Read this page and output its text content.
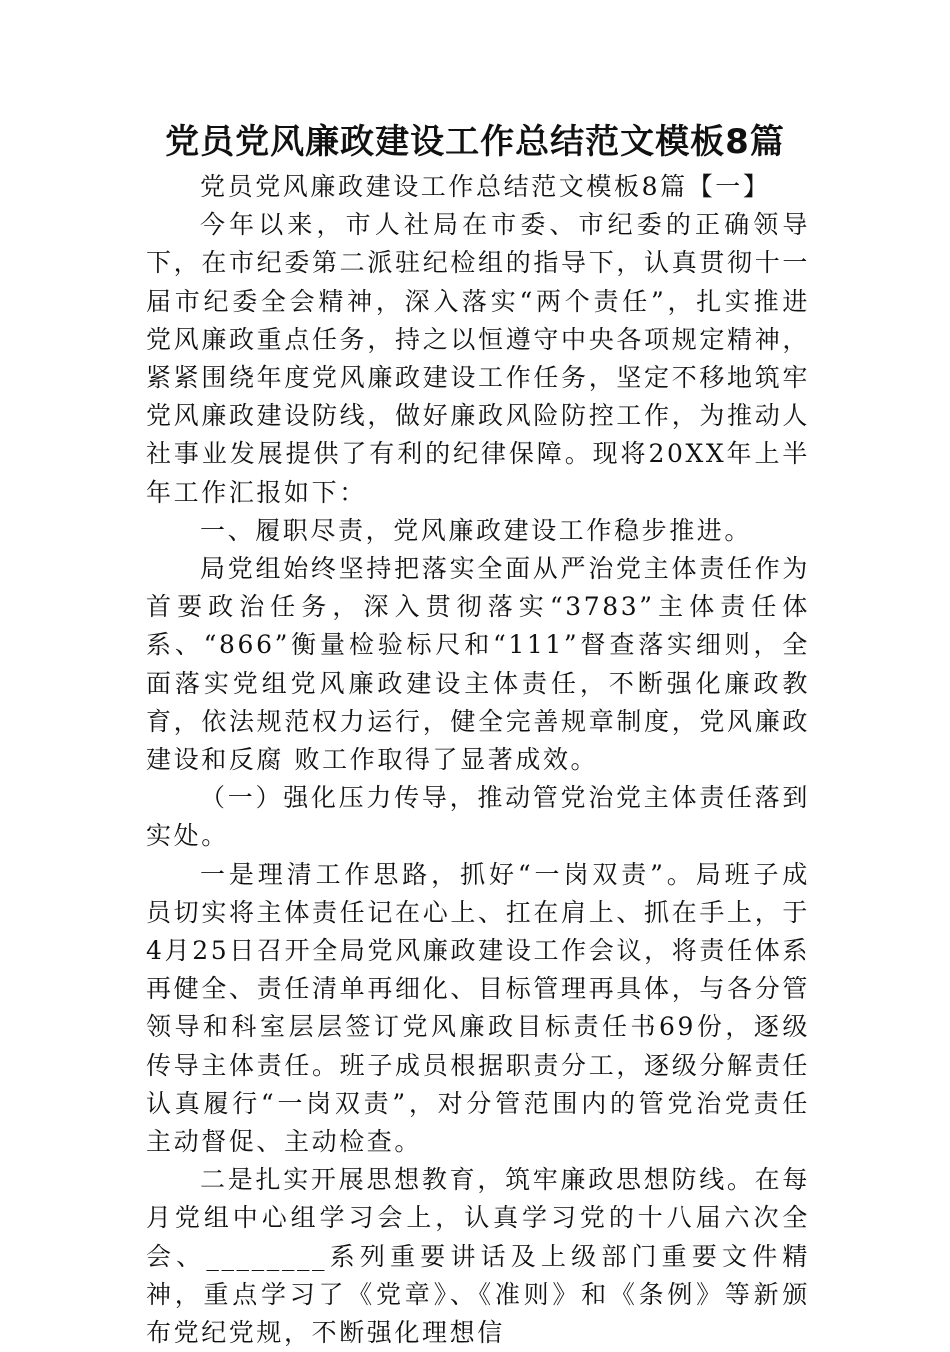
党员党风廉政建设工作总结范文模板8篇

党员党风廉政建设工作总结范文模板8篇【一】

今年以来，市人社局在市委、市纪委的正确领导下，在市纪委第二派驻纪检组的指导下，认真贯彻十一届市纪委全会精神，深入落实“两个责任”，扎实推进党风廉政重点任务，持之以恒遵守中央各项规定精神，紧紧围绕年度党风廉政建设工作任务，坚定不移地筑牢党风廉政建设防线，做好廉政风险防控工作，为推动人社事业发展提供了有利的纪律保障。现将20XX年上半年工作汇报如下：

一、履职尽责，党风廉政建设工作稳步推进。

局党组始终坚持把落实全面从严治党主体责任作为首要政治任务，深入贯彻落实“3783”主体责任体系、“866”衡量检验标尺和“111”督查落实细则，全面落实党组党风廉政建设主体责任，不断强化廉政教育，依法规范权力运行，健全完善规章制度，党风廉政建设和反腐 败工作取得了显著成效。

（一）强化压力传导，推动管党治党主体责任落到实处。

一是理清工作思路，抓好“一岗双责”。局班子成员切实将主体责任记在心上、扛在肩上、抓在手上，于4月25日召开全局党风廉政建设工作会议，将责任体系再健全、责任清单再细化、目标管理再具体，与各分管领导和科室层层签订党风廉政目标责任书69份，逐级传导主体责任。班子成员根据职责分工，逐级分解责任认真履行“一岗双责”，对分管范围内的管党治党责任主动督促、主动检查。

二是扎实开展思想教育，筑牢廉政思想防线。在每月党组中心组学习会上，认真学习党的十八届六次全会、________系列重要讲话及上级部门重要文件精神，重点学习了《党章》、《准则》和《条例》等新颁布党纪党规，不断强化理想信
